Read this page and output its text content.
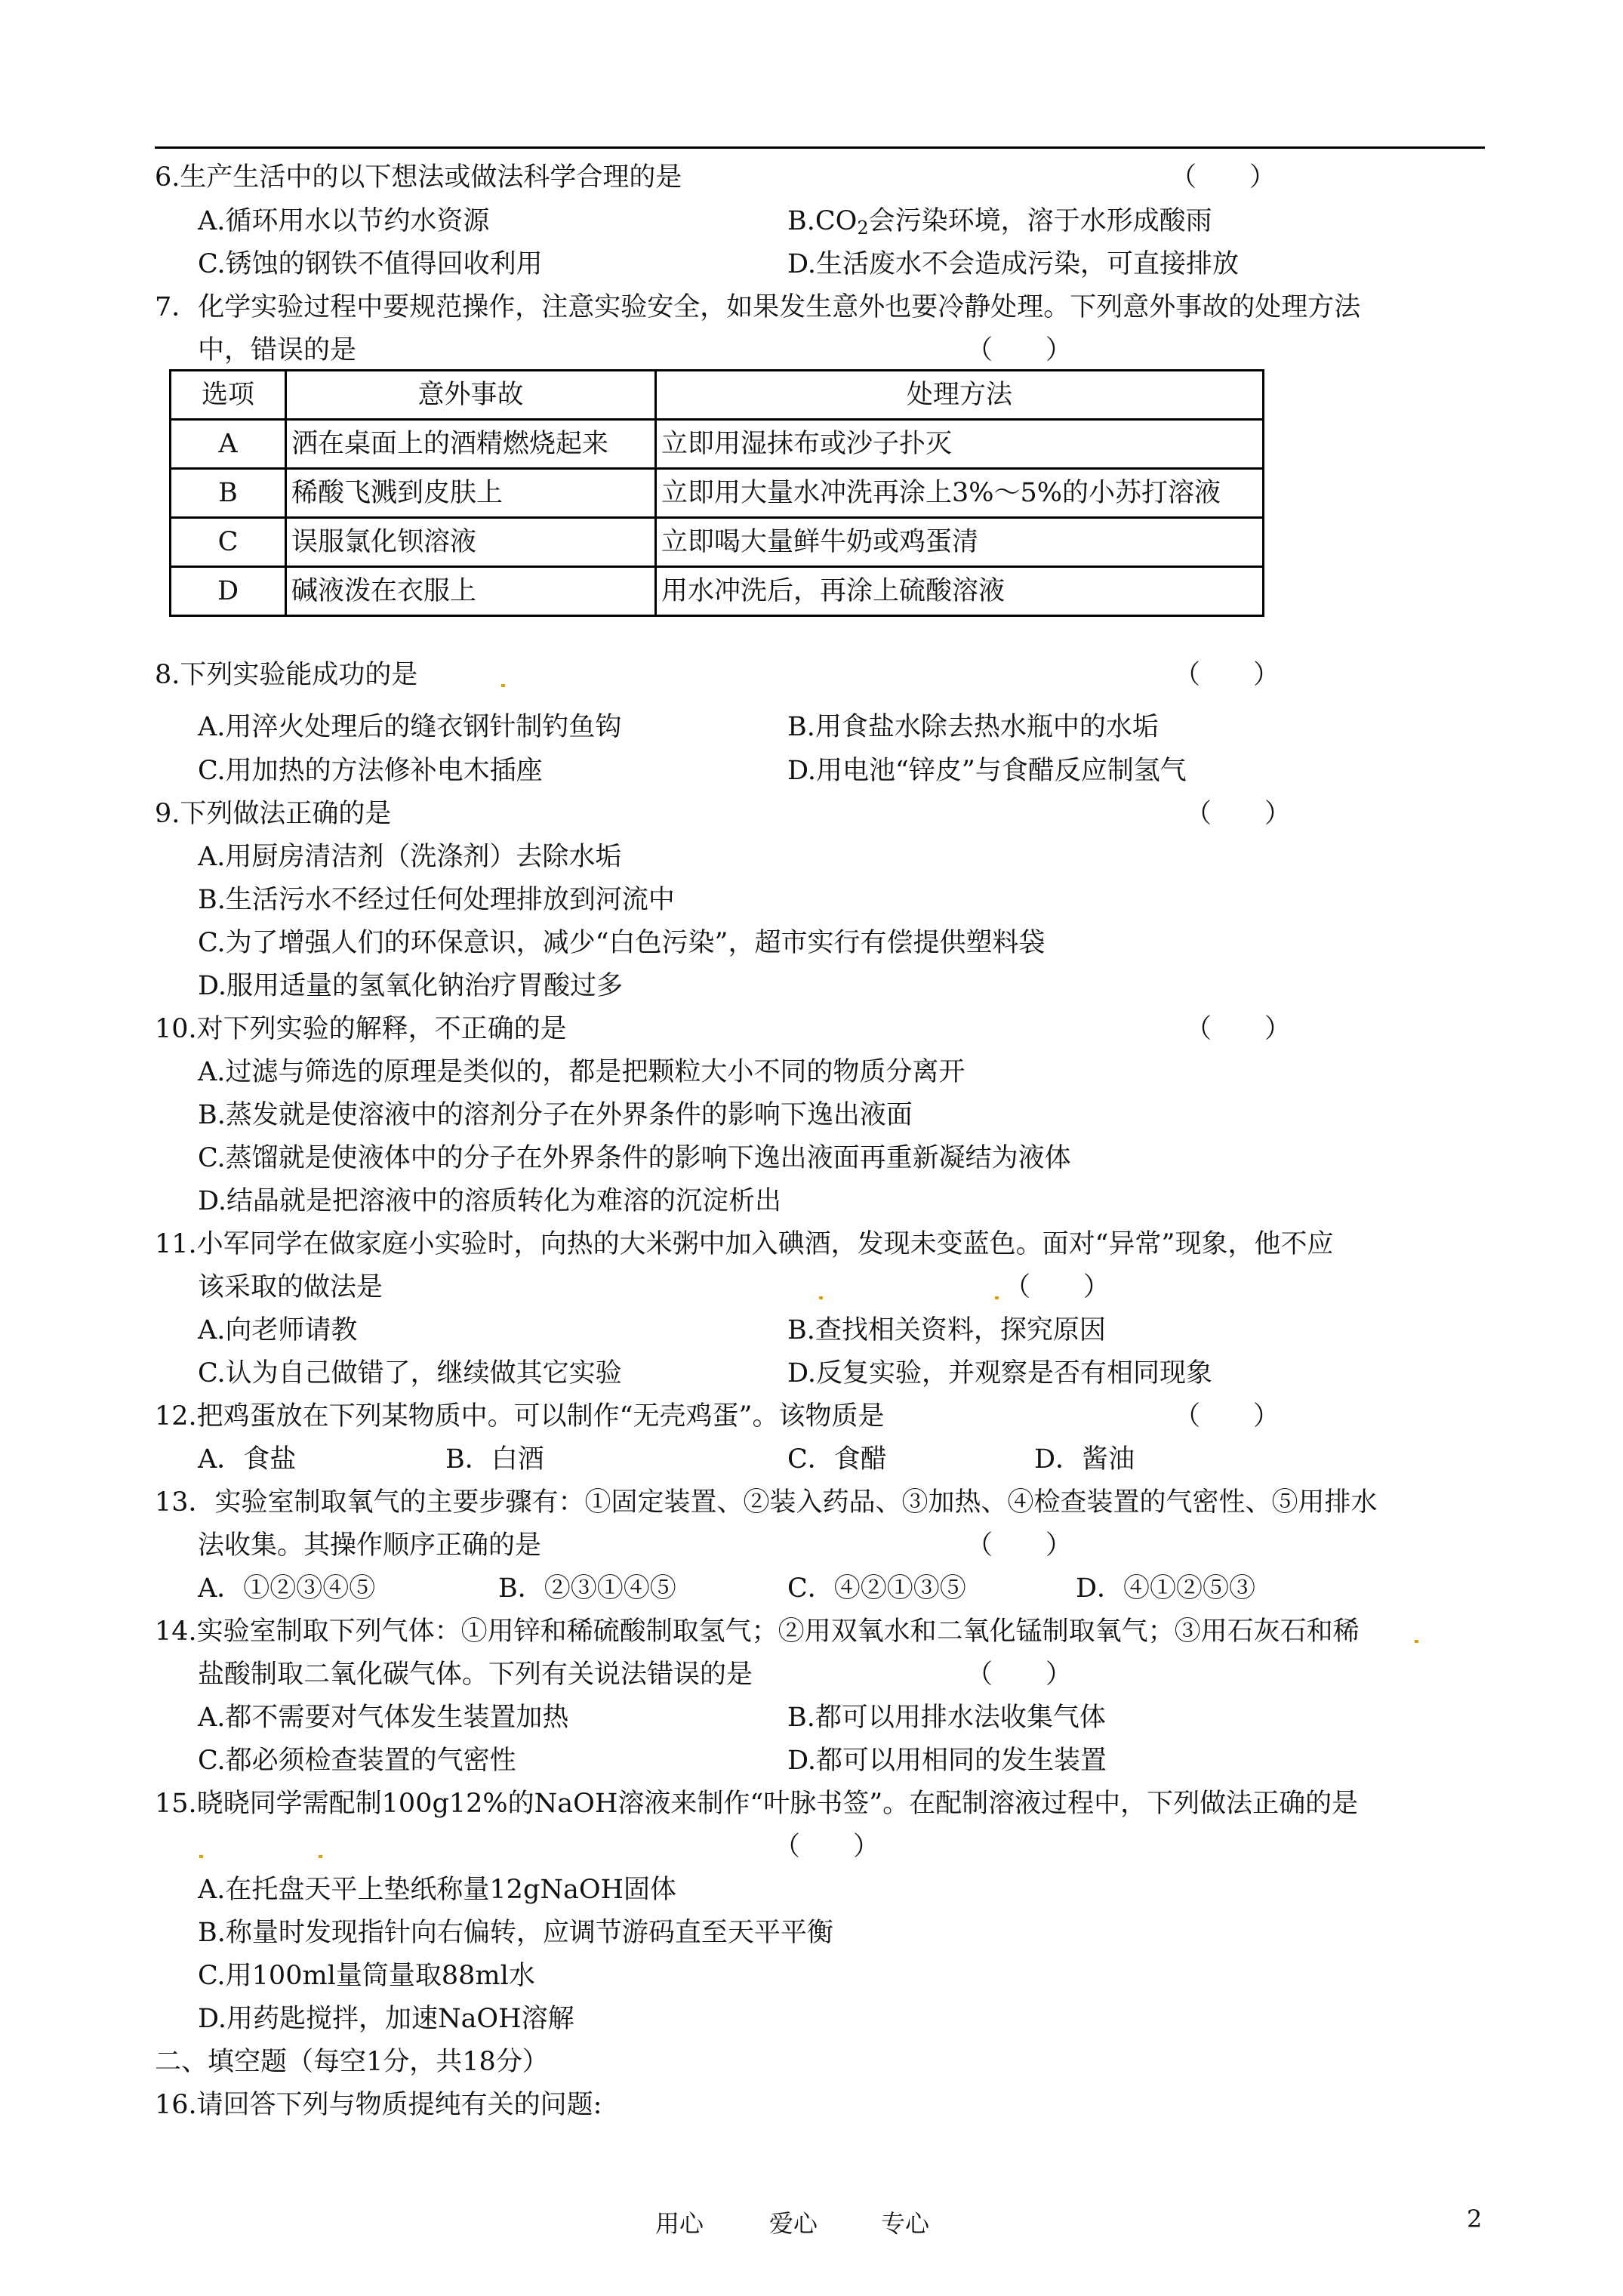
6.生产生活中的以下想法或做法科学合理的是	（　　）
A.循环用水以节约水资源	$B.CO_2$会污染环境，溶于水形成酸雨
C.锈蚀的钢铁不值得回收利用	D.生活废水不会造成污染，可直接排放
7．化学实验过程中要规范操作，注意实验安全，如果发生意外也要冷静处理。下列意外事故的处理方法
中，错误的是	（　　）
选项	意外事故	处理方法
A	洒在桌面上的酒精燃烧起来	立即用湿抹布或沙子扑灭
B	稀酸飞溅到皮肤上	立即用大量水冲洗再涂上3%～5%的小苏打溶液
C	误服氯化钡溶液	立即喝大量鲜牛奶或鸡蛋清
D	碱液泼在衣服上	用水冲洗后，再涂上硫酸溶液
8.下列实验能成功的是	（　　）
A.用淬火处理后的缝衣钢针制钓鱼钩	B.用食盐水除去热水瓶中的水垢
C.用加热的方法修补电木插座	D.用电池“锌皮”与食醋反应制氢气
9.下列做法正确的是	（　　）
A.用厨房清洁剂（洗涤剂）去除水垢
B.生活污水不经过任何处理排放到河流中
C.为了增强人们的环保意识，减少“白色污染”，超市实行有偿提供塑料袋
D.服用适量的氢氧化钠治疗胃酸过多
10.对下列实验的解释，不正确的是	（　　）
A.过滤与筛选的原理是类似的，都是把颗粒大小不同的物质分离开
B.蒸发就是使溶液中的溶剂分子在外界条件的影响下逸出液面
C.蒸馏就是使液体中的分子在外界条件的影响下逸出液面再重新凝结为液体
D.结晶就是把溶液中的溶质转化为难溶的沉淀析出
11.小军同学在做家庭小实验时，向热的大米粥中加入碘酒，发现未变蓝色。面对“异常”现象，他不应
该采取的做法是	（　　）
A.向老师请教	B.查找相关资料，探究原因
C.认为自己做错了，继续做其它实验	D.反复实验，并观察是否有相同现象
12.把鸡蛋放在下列某物质中。可以制作“无壳鸡蛋”。该物质是	（　　）
A．食盐	B．白酒	C．食醋	D．酱油
13．实验室制取氧气的主要步骤有：①固定装置、②装入药品、③加热、④检查装置的气密性、⑤用排水
法收集。其操作顺序正确的是	（　　）
A．①②③④⑤	B．②③①④⑤	C．④②①③⑤	D．④①②⑤③
14.实验室制取下列气体：①用锌和稀硫酸制取氢气；②用双氧水和二氧化锰制取氧气；③用石灰石和稀
盐酸制取二氧化碳气体。下列有关说法错误的是	（　　）
A.都不需要对气体发生装置加热	B.都可以用排水法收集气体
C.都必须检查装置的气密性	D.都可以用相同的发生装置
15.晓晓同学需配制100g12%的NaOH溶液来制作“叶脉书签”。在配制溶液过程中，下列做法正确的是
（　　）
A.在托盘天平上垫纸称量12gNaOH固体
B.称量时发现指针向右偏转，应调节游码直至天平平衡
C.用100ml量筒量取88ml水
D.用药匙搅拌，加速NaOH溶解
二、填空题（每空1分，共18分）
16.请回答下列与物质提纯有关的问题:
用心	爱心	专心	2
